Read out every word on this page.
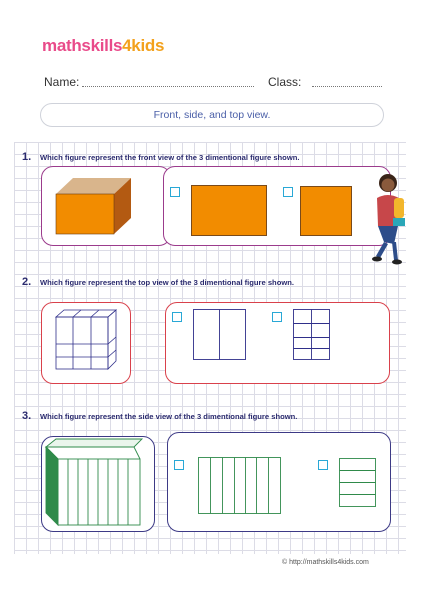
mathskills4kids
Name:	Class:
Front, side, and top view.
1. Which figure represent the front view of the 3 dimentional figure shown.
2. Which figure represent the top view of the 3 dimentional figure shown.
3. Which figure represent the side view of the 3 dimentional figure shown.
© http://mathskills4kids.com
